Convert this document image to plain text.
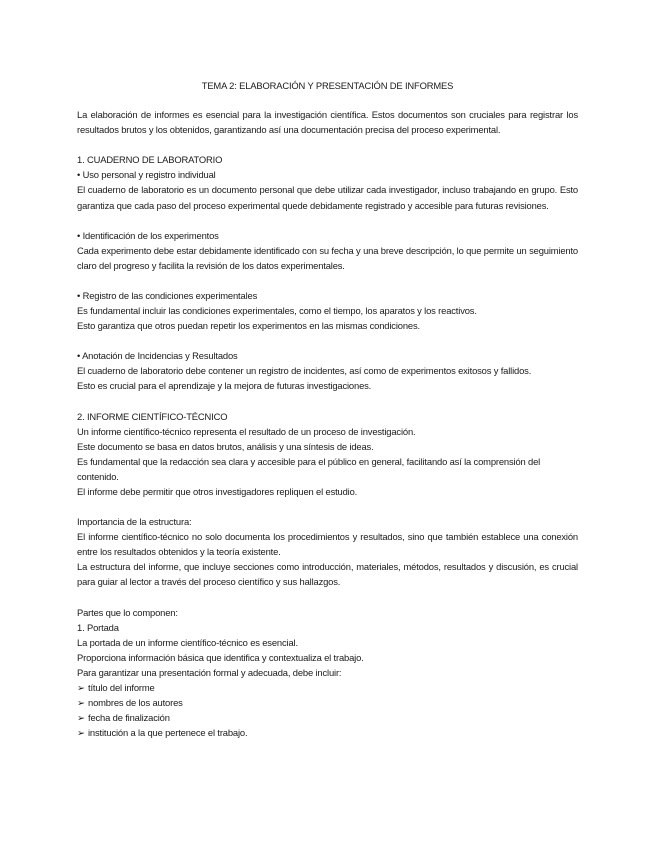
TEMA 2: ELABORACIÓN Y PRESENTACIÓN DE INFORMES

La elaboración de informes es esencial para la investigación científica. Estos documentos son cruciales para registrar los resultados brutos y los obtenidos, garantizando así una documentación precisa del proceso experimental.

1. CUADERNO DE LABORATORIO

• Uso personal y registro individual

El cuaderno de laboratorio es un documento personal que debe utilizar cada investigador, incluso trabajando en grupo. Esto garantiza que cada paso del proceso experimental quede debidamente registrado y accesible para futuras revisiones.

• Identificación de los experimentos

Cada experimento debe estar debidamente identificado con su fecha y una breve descripción, lo que permite un seguimiento claro del progreso y facilita la revisión de los datos experimentales.

• Registro de las condiciones experimentales

Es fundamental incluir las condiciones experimentales, como el tiempo, los aparatos y los reactivos.

Esto garantiza que otros puedan repetir los experimentos en las mismas condiciones.

• Anotación de Incidencias y Resultados

El cuaderno de laboratorio debe contener un registro de incidentes, así como de experimentos exitosos y fallidos.

Esto es crucial para el aprendizaje y la mejora de futuras investigaciones.

2. INFORME CIENTÍFICO-TÉCNICO

Un informe científico-técnico representa el resultado de un proceso de investigación.

Este documento se basa en datos brutos, análisis y una síntesis de ideas.

Es fundamental que la redacción sea clara y accesible para el público en general, facilitando así la comprensión del contenido.

El informe debe permitir que otros investigadores repliquen el estudio.

Importancia de la estructura:

El informe científico-técnico no solo documenta los procedimientos y resultados, sino que también establece una conexión entre los resultados obtenidos y la teoría existente.

La estructura del informe, que incluye secciones como introducción, materiales, métodos, resultados y discusión, es crucial para guiar al lector a través del proceso científico y sus hallazgos.

Partes que lo componen:

1. Portada

La portada de un informe científico-técnico es esencial.

Proporciona información básica que identifica y contextualiza el trabajo.

Para garantizar una presentación formal y adecuada, debe incluir:

➢ título del informe
➢ nombres de los autores
➢ fecha de finalización
➢ institución a la que pertenece el trabajo.
